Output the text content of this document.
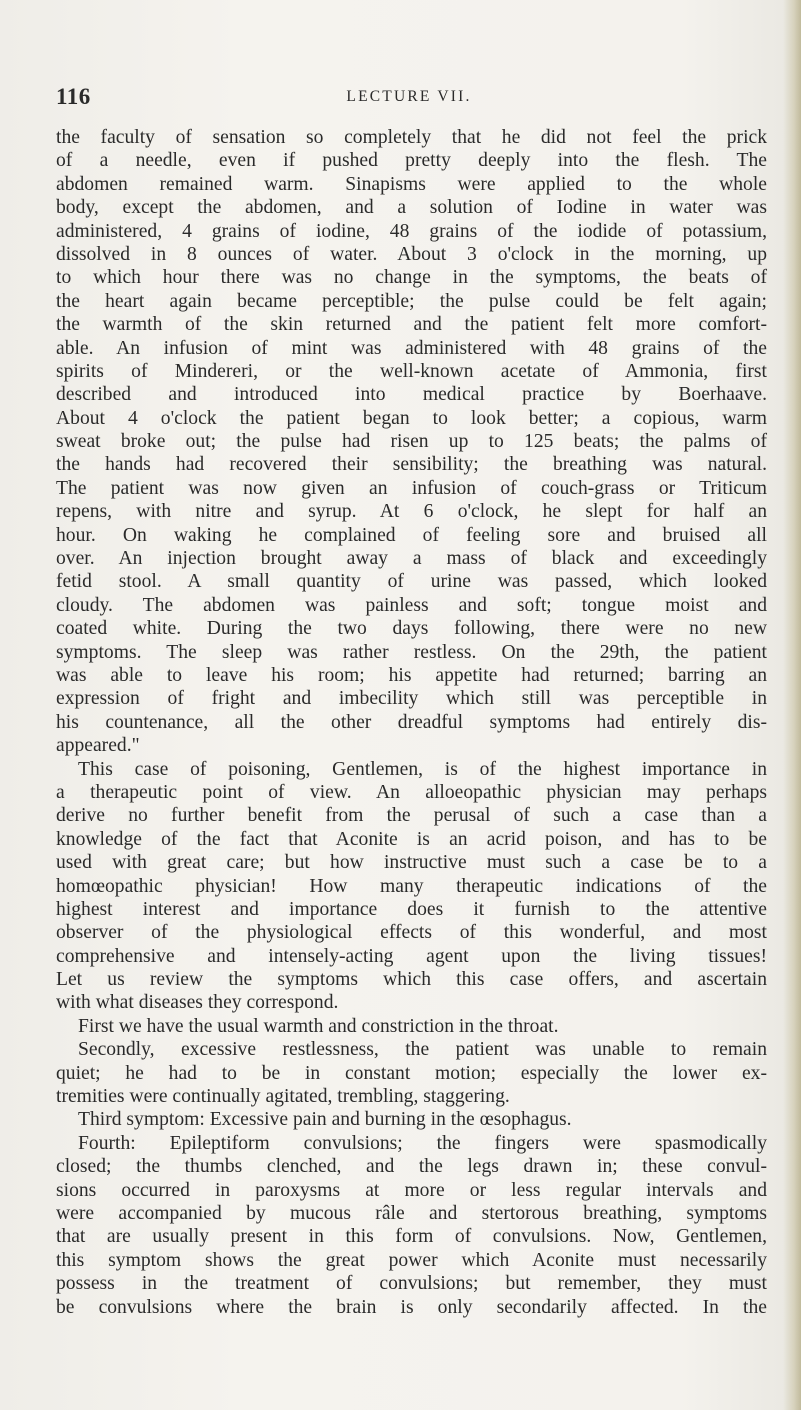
116	LECTURE VII.
the faculty of sensation so completely that he did not feel the prick
of a needle, even if pushed pretty deeply into the flesh. The
abdomen remained warm. Sinapisms were applied to the whole
body, except the abdomen, and a solution of Iodine in water was
administered, 4 grains of iodine, 48 grains of the iodide of potassium,
dissolved in 8 ounces of water. About 3 o'clock in the morning, up
to which hour there was no change in the symptoms, the beats of
the heart again became perceptible; the pulse could be felt again;
the warmth of the skin returned and the patient felt more comfort-
able. An infusion of mint was administered with 48 grains of the
spirits of Mindereri, or the well-known acetate of Ammonia, first
described and introduced into medical practice by Boerhaave.
About 4 o'clock the patient began to look better; a copious, warm
sweat broke out; the pulse had risen up to 125 beats; the palms of
the hands had recovered their sensibility; the breathing was natural.
The patient was now given an infusion of couch-grass or Triticum
repens, with nitre and syrup. At 6 o'clock, he slept for half an
hour. On waking he complained of feeling sore and bruised all
over. An injection brought away a mass of black and exceedingly
fetid stool. A small quantity of urine was passed, which looked
cloudy. The abdomen was painless and soft; tongue moist and
coated white. During the two days following, there were no new
symptoms. The sleep was rather restless. On the 29th, the patient
was able to leave his room; his appetite had returned; barring an
expression of fright and imbecility which still was perceptible in
his countenance, all the other dreadful symptoms had entirely dis-
appeared."
This case of poisoning, Gentlemen, is of the highest importance in
a therapeutic point of view. An alloeopathic physician may perhaps
derive no further benefit from the perusal of such a case than a
knowledge of the fact that Aconite is an acrid poison, and has to be
used with great care; but how instructive must such a case be to a
homœopathic physician! How many therapeutic indications of the
highest interest and importance does it furnish to the attentive
observer of the physiological effects of this wonderful, and most
comprehensive and intensely-acting agent upon the living tissues!
Let us review the symptoms which this case offers, and ascertain
with what diseases they correspond.
First we have the usual warmth and constriction in the throat.
Secondly, excessive restlessness, the patient was unable to remain
quiet; he had to be in constant motion; especially the lower ex-
tremities were continually agitated, trembling, staggering.
Third symptom: Excessive pain and burning in the œsophagus.
Fourth: Epileptiform convulsions; the fingers were spasmodically
closed; the thumbs clenched, and the legs drawn in; these convul-
sions occurred in paroxysms at more or less regular intervals and
were accompanied by mucous râle and stertorous breathing, symptoms
that are usually present in this form of convulsions. Now, Gentlemen,
this symptom shows the great power which Aconite must necessarily
possess in the treatment of convulsions; but remember, they must
be convulsions where the brain is only secondarily affected. In the
